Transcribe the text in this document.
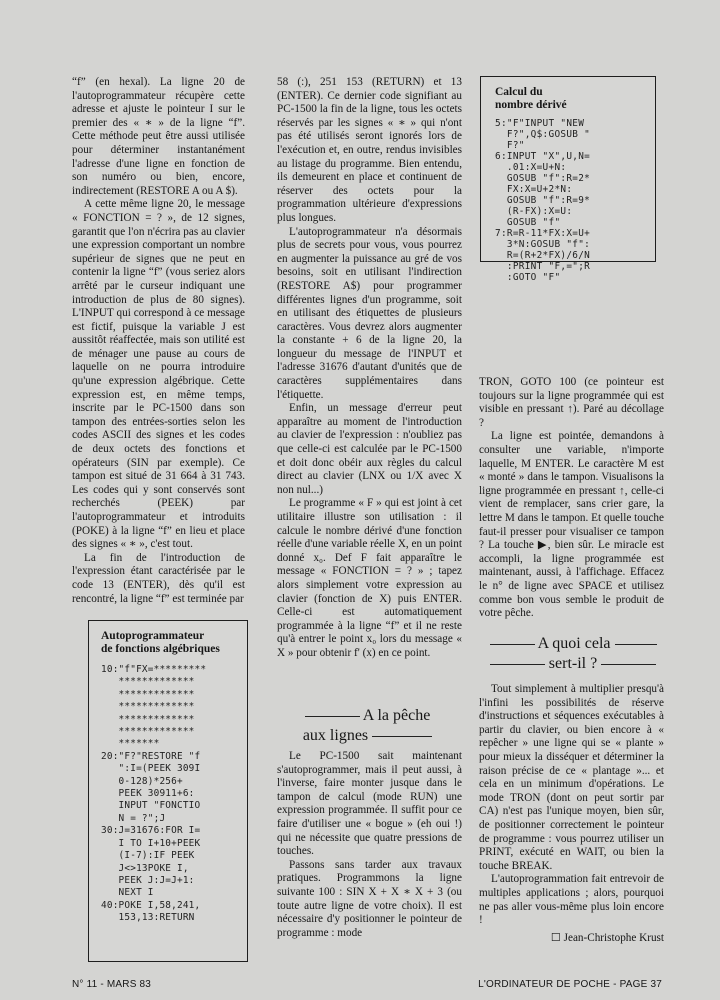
“f” (en hexal). La ligne 20 de l'autoprogrammateur récupère cette adresse et ajuste le pointeur I sur le premier des « ∗ » de la ligne “f”. Cette méthode peut être aussi utilisée pour déterminer instantanément l'adresse d'une ligne en fonction de son numéro ou bien, encore, indirectement (RESTORE A ou A $).

A cette même ligne 20, le message « FONCTION = ? », de 12 signes, garantit que l'on n'écrira pas au clavier une expression comportant un nombre supérieur de signes que ne peut en contenir la ligne “f” (vous seriez alors arrêté par le curseur indiquant une introduction de plus de 80 signes). L'INPUT qui correspond à ce message est fictif, puisque la variable J est aussitôt réaffectée, mais son utilité est de ménager une pause au cours de laquelle on ne pourra introduire qu'une expression algébrique. Cette expression est, en même temps, inscrite par le PC-1500 dans son tampon des entrées-sorties selon les codes ASCII des signes et les codes de deux octets des fonctions et opérateurs (SIN par exemple). Ce tampon est situé de 31 664 à 31 743. Les codes qui y sont conservés sont recherchés (PEEK) par l'autoprogrammateur et introduits (POKE) à la ligne “f” en lieu et place des signes « ∗ », c'est tout.

La fin de l'introduction de l'expression étant caractérisée par le code 13 (ENTER), dès qu'il est rencontré, la ligne “f” est terminée par

Autoprogrammateur

de fonctions algébriques

10:"f"FX=*********
*************
*************
*************
*************
*************
*******
20:"F?"RESTORE "f
":I=(PEEK 309I
0-128)*256+
PEEK 30911+6:
INPUT "FONCTIO
N = ?";J
30:J=31676:FOR I=
I TO I+10+PEEK
(I-7):IF PEEK
J<>13POKE I,
PEEK J:J=J+1:
NEXT I
40:POKE I,58,241,
153,13:RETURN

58 (:), 251 153 (RETURN) et 13 (ENTER). Ce dernier code signifiant au PC-1500 la fin de la ligne, tous les octets réservés par les signes « ∗ » qui n'ont pas été utilisés seront ignorés lors de l'exécution et, en outre, rendus invisibles au listage du programme. Bien entendu, ils demeurent en place et continuent de réserver des octets pour la programmation ultérieure d'expressions plus longues.

L'autoprogrammateur n'a désormais plus de secrets pour vous, vous pourrez en augmenter la puissance au gré de vos besoins, soit en utilisant l'indirection (RESTORE A$) pour programmer différentes lignes d'un programme, soit en utilisant des étiquettes de plusieurs caractères. Vous devrez alors augmenter la constante + 6 de la ligne 20, la longueur du message de l'INPUT et l'adresse 31676 d'autant d'unités que de caractères supplémentaires dans l'étiquette.

Enfin, un message d'erreur peut apparaître au moment de l'introduction au clavier de l'expression : n'oubliez pas que celle-ci est calculée par le PC-1500 et doit donc obéir aux règles du calcul direct au clavier (LNX ou 1/X avec X non nul...)

Le programme « F » qui est joint à cet utilitaire illustre son utilisation : il calcule le nombre dérivé d'une fonction réelle d'une variable réelle X, en un point donné x₀. Def F fait apparaître le message « FONCTION = ? » ; tapez alors simplement votre expression au clavier (fonction de X) puis ENTER. Celle-ci est automatiquement programmée à la ligne “f” et il ne reste qu'à entrer le point x₀ lors du message « X » pour obtenir f' (x) en ce point.

A la pêche
aux lignes

Le PC-1500 sait maintenant s'autoprogrammer, mais il peut aussi, à l'inverse, faire monter jusque dans le tampon de calcul (mode RUN) une expression programmée. Il suffit pour ce faire d'utiliser une « bogue » (eh oui !) qui ne nécessite que quatre pressions de touches.

Passons sans tarder aux travaux pratiques. Programmons la ligne suivante 100 : SIN X + X ∗ X + 3 (ou toute autre ligne de votre choix). Il est nécessaire d'y positionner le pointeur de programme : mode

Calcul du

nombre dérivé

5:"F"INPUT "NEW
F?",Q$:GOSUB "
F?"
6:INPUT "X",U,N=
.01:X=U+N:
GOSUB "f":R=2*
FX:X=U+2*N:
GOSUB "f":R=9*
(R-FX):X=U:
GOSUB "f"
7:R=R-11*FX:X=U+
3*N:GOSUB "f":
R=(R+2*FX)/6/N
:PRINT "F,=";R
:GOTO "F"

TRON, GOTO 100 (ce pointeur est toujours sur la ligne programmée qui est visible en pressant ↑). Paré au décollage ?

La ligne est pointée, demandons à consulter une variable, n'importe laquelle, M ENTER. Le caractère M est « monté » dans le tampon. Visualisons la ligne programmée en pressant ↑, celle-ci vient de remplacer, sans crier gare, la lettre M dans le tampon. Et quelle touche faut-il presser pour visualiser ce tampon ? La touche ▶, bien sûr. Le miracle est accompli, la ligne programmée est maintenant, aussi, à l'affichage. Effacez le n° de ligne avec SPACE et utilisez comme bon vous semble le produit de votre pêche.

A quoi cela
sert-il ?

Tout simplement à multiplier presqu'à l'infini les possibilités de réserve d'instructions et séquences exécutables à partir du clavier, ou bien encore à « repêcher » une ligne qui se « plante » pour mieux la disséquer et déterminer la raison précise de ce « plantage »... et cela en un minimum d'opérations. Le mode TRON (dont on peut sortir par CA) n'est pas l'unique moyen, bien sûr, de positionner correctement le pointeur de programme : vous pourrez utiliser un PRINT, exécuté en WAIT, ou bien la touche BREAK.

L'autoprogrammation fait entrevoir de multiples applications ; alors, pourquoi ne pas aller vous-même plus loin encore !

☐ Jean-Christophe Krust

N° 11 - MARS 83	L'ORDINATEUR DE POCHE - PAGE 37
